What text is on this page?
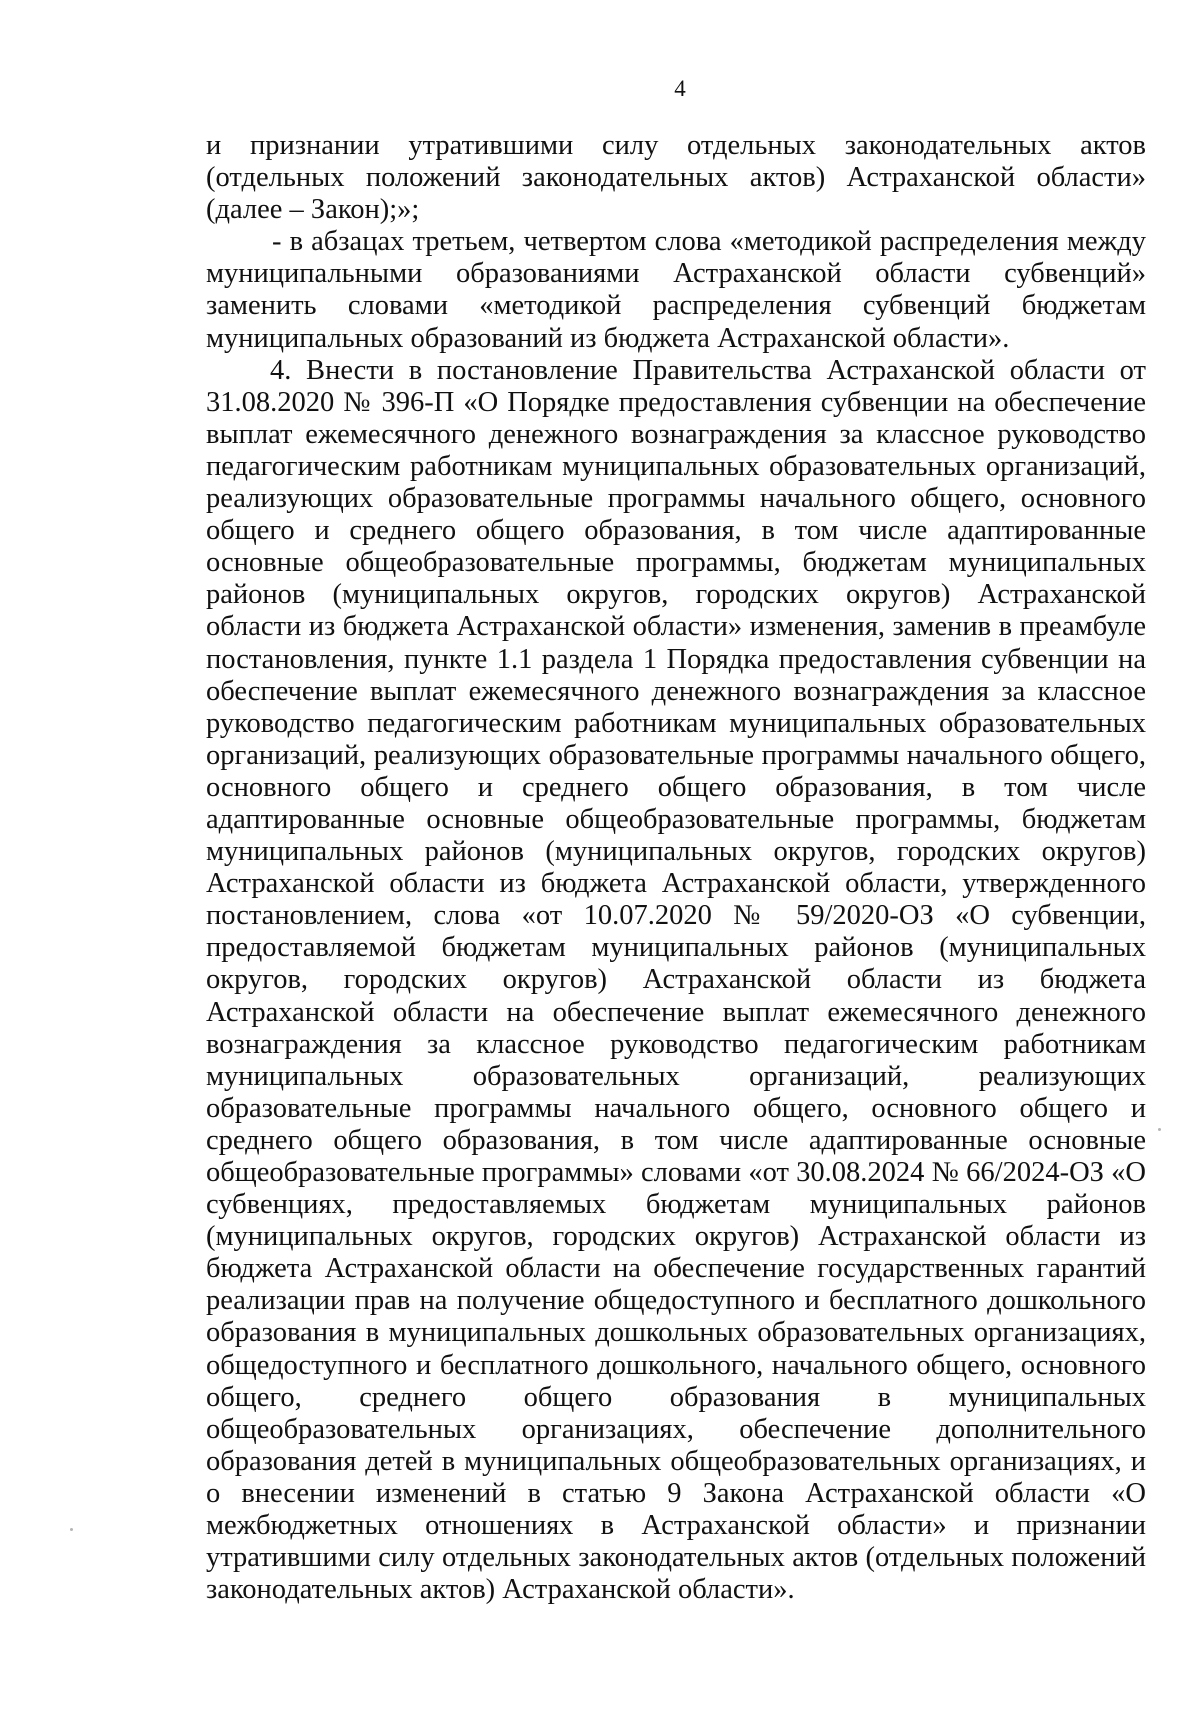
4

и признании утратившими силу отдельных законодательных актов (отдельных положений законодательных актов) Астраханской области» (далее – Закон);»;

- в абзацах третьем, четвертом слова «методикой распределения между муниципальными образованиями Астраханской области субвенций» заменить словами «методикой распределения субвенций бюджетам муниципальных образований из бюджета Астраханской области».

4. Внести в постановление Правительства Астраханской области от 31.08.2020 № 396-П «О Порядке предоставления субвенции на обеспечение выплат ежемесячного денежного вознаграждения за классное руководство педагогическим работникам муниципальных образовательных организаций, реализующих образовательные программы начального общего, основного общего и среднего общего образования, в том числе адаптированные основные общеобразовательные программы, бюджетам муниципальных районов (муниципальных округов, городских округов) Астраханской области из бюджета Астраханской области» изменения, заменив в преамбуле постановления, пункте 1.1 раздела 1 Порядка предоставления субвенции на обеспечение выплат ежемесячного денежного вознаграждения за классное руководство педагогическим работникам муниципальных образовательных организаций, реализующих образовательные программы начального общего, основного общего и среднего общего образования, в том числе адаптированные основные общеобразовательные программы, бюджетам муниципальных районов (муниципальных округов, городских округов) Астраханской области из бюджета Астраханской области, утвержденного постановлением, слова «от 10.07.2020 № 59/2020-ОЗ «О субвенции, предоставляемой бюджетам муниципальных районов (муниципальных округов, городских округов) Астраханской области из бюджета Астраханской области на обеспечение выплат ежемесячного денежного вознаграждения за классное руководство педагогическим работникам муниципальных образовательных организаций, реализующих образовательные программы начального общего, основного общего и среднего общего образования, в том числе адаптированные основные общеобразовательные программы» словами «от 30.08.2024 № 66/2024-ОЗ «О субвенциях, предоставляемых бюджетам муниципальных районов (муниципальных округов, городских округов) Астраханской области из бюджета Астраханской области на обеспечение государственных гарантий реализации прав на получение общедоступного и бесплатного дошкольного образования в муниципальных дошкольных образовательных организациях, общедоступного и бесплатного дошкольного, начального общего, основного общего, среднего общего образования в муниципальных общеобразовательных организациях, обеспечение дополнительного образования детей в муниципальных общеобразовательных организациях, и о внесении изменений в статью 9 Закона Астраханской области «О межбюджетных отношениях в Астраханской области» и признании утратившими силу отдельных законодательных актов (отдельных положений законодательных актов) Астраханской области».
